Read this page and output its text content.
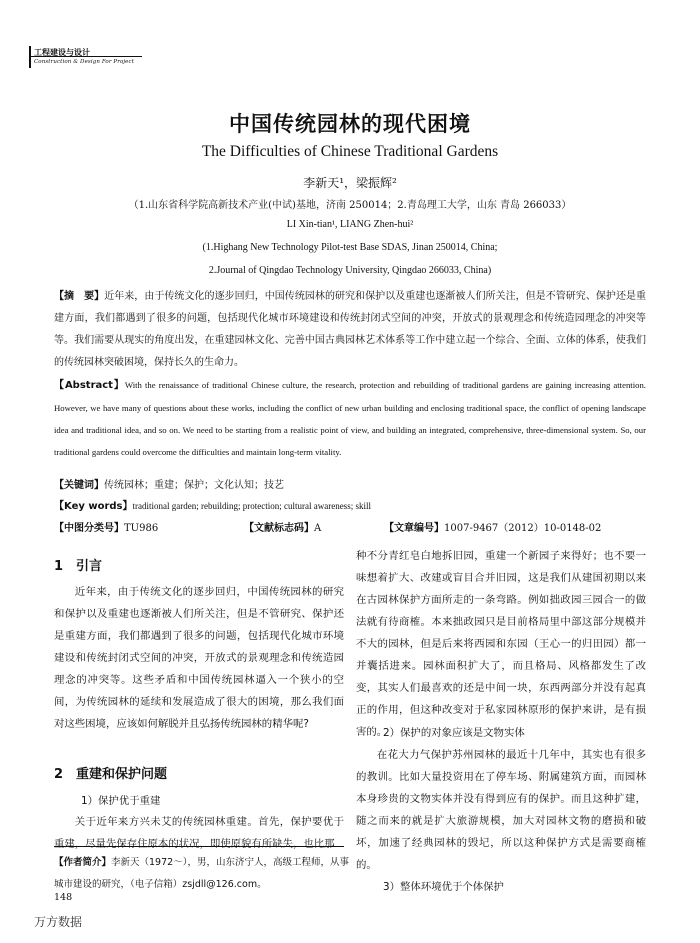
工程建设与设计
Construction & Design For Project
中国传统园林的现代困境
The Difficulties of Chinese Traditional Gardens
李新天¹，梁振辉²
（1.山东省科学院高新技术产业(中试)基地，济南 250014；2.青岛理工大学，山东 青岛 266033）
LI Xin-tian¹, LIANG Zhen-hui²
(1.Highang New Technology Pilot-test Base SDAS, Jinan 250014, China;
2.Journal of Qingdao Technology University, Qingdao 266033, China)
【摘　要】近年来，由于传统文化的逐步回归，中国传统园林的研究和保护以及重建也逐渐被人们所关注，但是不管研究、保护还是重建方面，我们都遇到了很多的问题，包括现代化城市环境建设和传统封闭式空间的冲突，开放式的景观理念和传统造园理念的冲突等等。我们需要从现实的角度出发，在重建园林文化、完善中国古典园林艺术体系等工作中建立起一个综合、全面、立体的体系，使我们的传统园林突破困境，保持长久的生命力。
【Abstract】With the renaissance of traditional Chinese culture, the research, protection and rebuilding of traditional gardens are gaining increasing attention. However, we have many of questions about these works, including the conflict of new urban building and enclosing traditional space, the conflict of opening landscape idea and traditional idea, and so on. We need to be starting from a realistic point of view, and building an integrated, comprehensive, three-dimensional system. So, our traditional gardens could overcome the difficulties and maintain long-term vitality.
【关键词】传统园林；重建；保护；文化认知；技艺
【Key words】traditional garden; rebuilding; protection; cultural awareness; skill
【中图分类号】TU986	【文献标志码】A	【文章编号】1007-9467（2012）10-0148-02
1　引言

近年来，由于传统文化的逐步回归，中国传统园林的研究和保护以及重建也逐渐被人们所关注，但是不管研究、保护还是重建方面，我们都遇到了很多的问题，包括现代化城市环境建设和传统封闭式空间的冲突，开放式的景观理念和传统造园理念的冲突等。这些矛盾和中国传统园林逼入一个狭小的空间，为传统园林的延续和发展造成了很大的困境，那么我们面对这些困境，应该如何解脱并且弘扬传统园林的精华呢?

2　重建和保护问题

1）保护优于重建

关于近年来方兴未艾的传统园林重建。首先，保护要优于重建，尽量先保存住原本的状况，即使原貌有所缺失，也比那

【作者简介】李新天（1972～），男，山东济宁人，高级工程师，从事城市建设的研究，（电子信箱）zsjdll@126.com。
148
万方数据

种不分青红皂白地拆旧园，重建一个新园子来得好；也不要一味想着扩大、改建或盲目合并旧园，这是我们从建国初期以来在古园林保护方面所走的一条弯路。例如拙政园三园合一的做法就有待商榷。本来拙政园只是目前格局里中部这部分规模并不大的园林，但是后来将西园和东园（王心一的归田园）都一并囊括进来。园林面积扩大了，而且格局、风格都发生了改变，其实人们最喜欢的还是中间一块，东西两部分并没有起真正的作用，但这种改变对于私家园林原形的保护来讲，是有损害的。

2）保护的对象应该是文物实体

在花大力气保护苏州园林的最近十几年中，其实也有很多的教训。比如大量投资用在了停车场、附属建筑方面，而园林本身珍贵的文物实体并没有得到应有的保护。而且这种扩建，随之而来的就是扩大旅游规模，加大对园林文物的磨损和破坏，加速了经典园林的毁圮，所以这种保护方式是需要商榷的。

3）整体环境优于个体保护
